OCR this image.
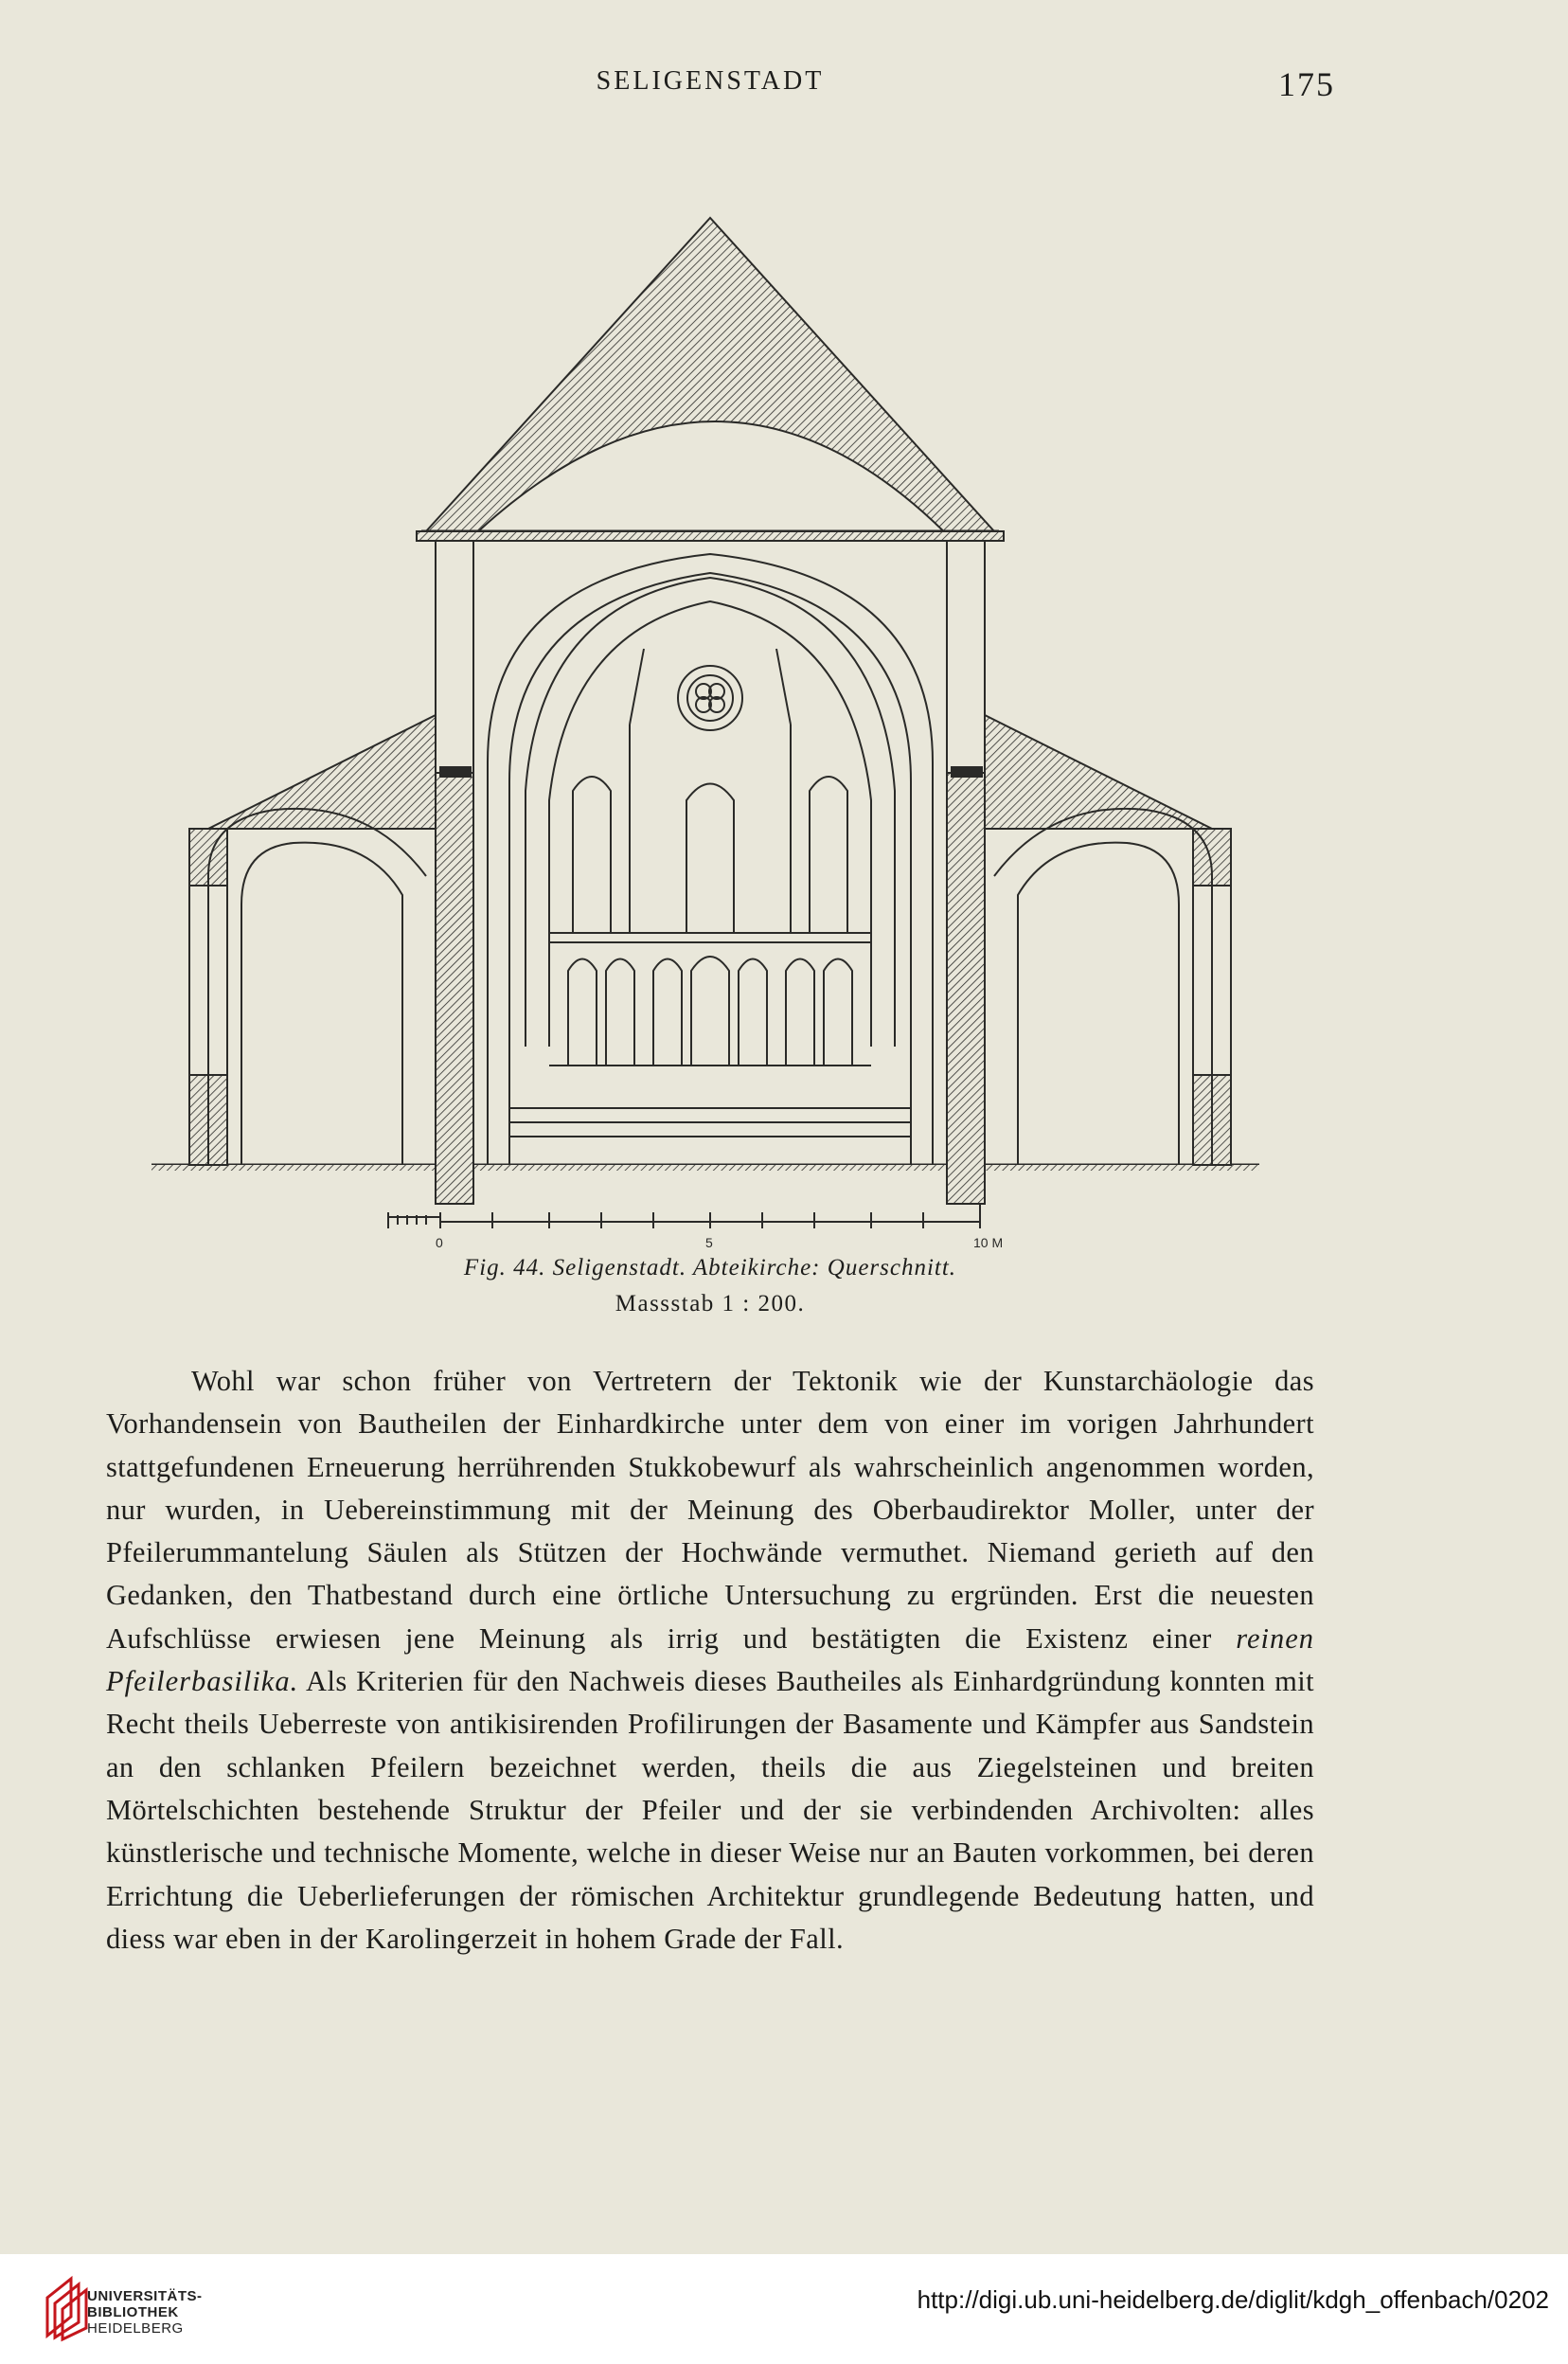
SELIGENSTADT	175
0	5	10 M
Fig. 44. Seligenstadt. Abteikirche: Querschnitt.
Massstab 1 : 200.

Wohl war schon früher von Vertretern der Tektonik wie der Kunstarchäologie das Vorhandensein von Bautheilen der Einhardkirche unter dem von einer im vorigen Jahrhundert stattgefundenen Erneuerung herrührenden Stukkobewurf als wahrscheinlich angenommen worden, nur wurden, in Uebereinstimmung mit der Meinung des Oberbaudirektor Moller, unter der Pfeilerummantelung Säulen als Stützen der Hochwände vermuthet. Niemand gerieth auf den Gedanken, den Thatbestand durch eine örtliche Untersuchung zu ergründen. Erst die neuesten Aufschlüsse erwiesen jene Meinung als irrig und bestätigten die Existenz einer reinen Pfeilerbasilika. Als Kriterien für den Nachweis dieses Bautheiles als Einhardgründung konnten mit Recht theils Ueberreste von antikisirenden Profilirungen der Basamente und Kämpfer aus Sandstein an den schlanken Pfeilern bezeichnet werden, theils die aus Ziegelsteinen und breiten Mörtelschichten bestehende Struktur der Pfeiler und der sie verbindenden Archivolten: alles künstlerische und technische Momente, welche in dieser Weise nur an Bauten vorkommen, bei deren Errichtung die Ueberlieferungen der römischen Architektur grundlegende Bedeutung hatten, und diess war eben in der Karolingerzeit in hohem Grade der Fall.

UNIVERSITÄTS-
BIBLIOTHEK
HEIDELBERG
http://digi.ub.uni-heidelberg.de/diglit/kdgh_offenbach/0202
